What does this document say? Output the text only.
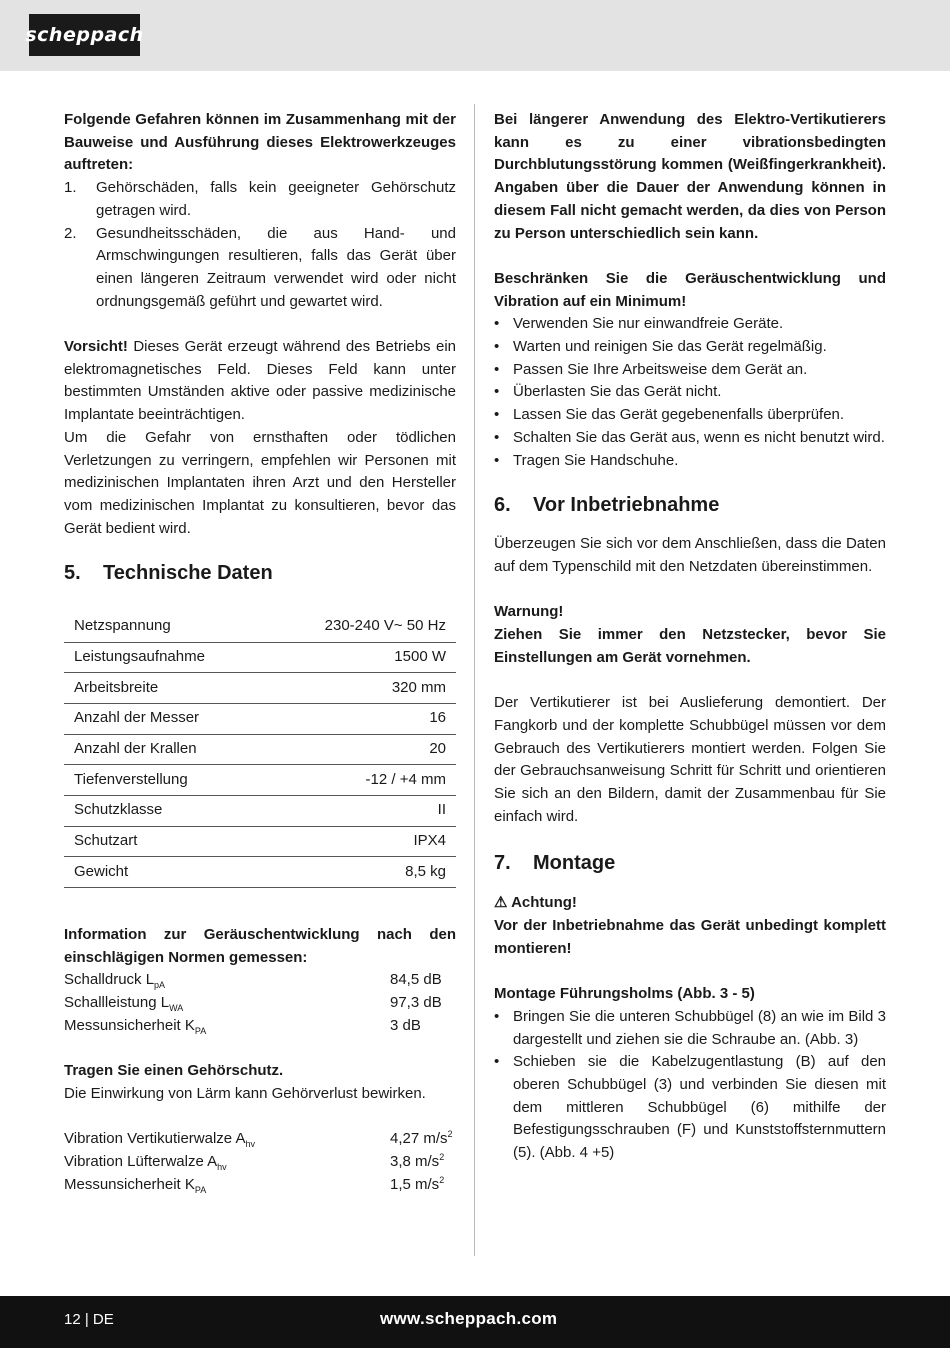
scheppach

Folgende Gefahren können im Zusammenhang mit der Bauweise und Ausführung dieses Elektrowerkzeuges auftreten:

1. Gehörschäden, falls kein geeigneter Gehörschutz getragen wird.
2. Gesundheitsschäden, die aus Hand- und Armschwingungen resultieren, falls das Gerät über einen längeren Zeitraum verwendet wird oder nicht ordnungsgemäß geführt und gewartet wird.

Vorsicht! Dieses Gerät erzeugt während des Betriebs ein elektromagnetisches Feld. Dieses Feld kann unter bestimmten Umständen aktive oder passive medizinische Implantate beeinträchtigen.

Um die Gefahr von ernsthaften oder tödlichen Verletzungen zu verringern, empfehlen wir Personen mit medizinischen Implantaten ihren Arzt und den Hersteller vom medizinischen Implantat zu konsultieren, bevor das Gerät bedient wird.

5.	Technische Daten
Netzspannung	230-240 V~ 50 Hz
Leistungsaufnahme	1500 W
Arbeitsbreite	320 mm
Anzahl der Messer	16
Anzahl der Krallen	20
Tiefenverstellung	-12 / +4 mm
Schutzklasse	II
Schutzart	IPX4
Gewicht	8,5 kg

Information zur Geräuschentwicklung nach den einschlägigen Normen gemessen:

Schalldruck $L_{pA}$	84,5 dB
Schallleistung $L_{WA}$	97,3 dB
Messunsicherheit $K_{PA}$	3 dB

Tragen Sie einen Gehörschutz.

Die Einwirkung von Lärm kann Gehörverlust bewirken.

Vibration Vertikutierwalze $A_{hv}$	4,27 $m/s^2$
Vibration Lüfterwalze $A_{hv}$	3,8 $m/s^2$
Messunsicherheit $K_{PA}$	1,5 $m/s^2$

Bei längerer Anwendung des Elektro-Vertikutierers kann es zu einer vibrationsbedingten Durchblutungsstörung kommen (Weißfingerkrankheit). Angaben über die Dauer der Anwendung können in diesem Fall nicht gemacht werden, da dies von Person zu Person unterschiedlich sein kann.

Beschränken Sie die Geräuschentwicklung und Vibration auf ein Minimum!

• Verwenden Sie nur einwandfreie Geräte.
• Warten und reinigen Sie das Gerät regelmäßig.
• Passen Sie Ihre Arbeitsweise dem Gerät an.
• Überlasten Sie das Gerät nicht.
• Lassen Sie das Gerät gegebenenfalls überprüfen.
• Schalten Sie das Gerät aus, wenn es nicht benutzt wird.
• Tragen Sie Handschuhe.
6.	Vor Inbetriebnahme

Überzeugen Sie sich vor dem Anschließen, dass die Daten auf dem Typenschild mit den Netzdaten übereinstimmen.

Warnung!

Ziehen Sie immer den Netzstecker, bevor Sie Einstellungen am Gerät vornehmen.

Der Vertikutierer ist bei Auslieferung demontiert. Der Fangkorb und der komplette Schubbügel müssen vor dem Gebrauch des Vertikutierers montiert werden. Folgen Sie der Gebrauchsanweisung Schritt für Schritt und orientieren Sie sich an den Bildern, damit der Zusammenbau für Sie einfach wird.

7.	Montage

⚠ Achtung!

Vor der Inbetriebnahme das Gerät unbedingt komplett montieren!

Montage Führungsholms (Abb. 3 - 5)

• Bringen Sie die unteren Schubbügel (8) an wie im Bild 3 dargestellt und ziehen sie die Schraube an. (Abb. 3)
• Schieben sie die Kabelzugentlastung (B) auf den oberen Schubbügel (3) und verbinden Sie diesen mit dem mittleren Schubbügel (6) mithilfe der Befestigungsschrauben (F) und Kunststoffsternmuttern (5). (Abb. 4 +5)
12 | DE	www.scheppach.com
